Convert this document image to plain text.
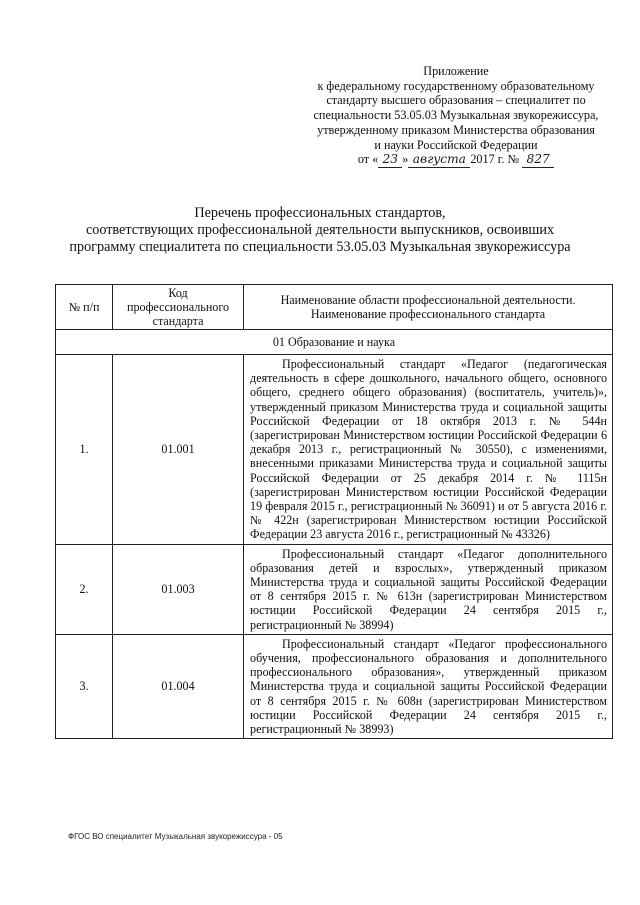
Приложение
к федеральному государственному образовательному
стандарту высшего образования – специалитет по
специальности 53.05.03 Музыкальная звукорежиссура,
утвержденному приказом Министерства образования
и науки Российской Федерации
от « 23 » августа 2017 г. № 827
Перечень профессиональных стандартов,
соответствующих профессиональной деятельности выпускников, освоивших
программу специалитета по специальности 53.05.03 Музыкальная звукорежиссура
№ п/п	Код профессионального стандарта	Наименование области профессиональной деятельности. Наименование профессионального стандарта
01 Образование и наука		
1.	01.001	Профессиональный стандарт «Педагог (педагогическая деятельность в сфере дошкольного, начального общего, основного общего, среднего общего образования) (воспитатель, учитель)», утвержденный приказом Министерства труда и социальной защиты Российской Федерации от 18 октября 2013 г. № 544н (зарегистрирован Министерством юстиции Российской Федерации 6 декабря 2013 г., регистрационный № 30550), с изменениями, внесенными приказами Министерства труда и социальной защиты Российской Федерации от 25 декабря 2014 г. № 1115н (зарегистрирован Министерством юстиции Российской Федерации 19 февраля 2015 г., регистрационный № 36091) и от 5 августа 2016 г. № 422н (зарегистрирован Министерством юстиции Российской Федерации 23 августа 2016 г., регистрационный № 43326)
2.	01.003	Профессиональный стандарт «Педагог дополнительного образования детей и взрослых», утвержденный приказом Министерства труда и социальной защиты Российской Федерации от 8 сентября 2015 г. № 613н (зарегистрирован Министерством юстиции Российской Федерации 24 сентября 2015 г., регистрационный № 38994)
3.	01.004	Профессиональный стандарт «Педагог профессионального обучения, профессионального образования и дополнительного профессионального образования», утвержденный приказом Министерства труда и социальной защиты Российской Федерации от 8 сентября 2015 г. № 608н (зарегистрирован Министерством юстиции Российской Федерации 24 сентября 2015 г., регистрационный № 38993)
ФГОС ВО специалитет Музыкальная звукорежиссура - 05
